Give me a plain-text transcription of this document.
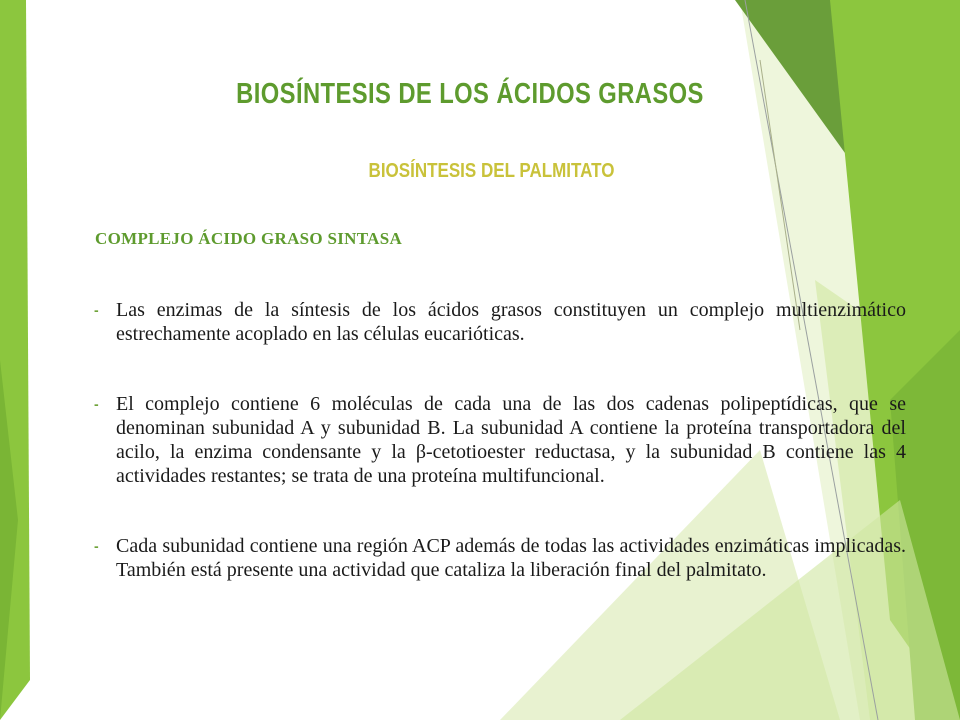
BIOSÍNTESIS DE LOS ÁCIDOS GRASOS
BIOSÍNTESIS DEL PALMITATO

COMPLEJO ÁCIDO GRASO SINTASA

- Las enzimas de la síntesis de los ácidos grasos constituyen un complejo multienzimático estrechamente acoplado en las células eucarióticas.
- El complejo contiene 6 moléculas de cada una de las dos cadenas polipeptídicas, que se denominan subunidad A y subunidad B. La subunidad A contiene la proteína transportadora del acilo, la enzima condensante y la β-cetotioester reductasa, y la subunidad B contiene las 4 actividades restantes; se trata de una proteína multifuncional.
- Cada subunidad contiene una región ACP además de todas las actividades enzimáticas implicadas. También está presente una actividad que cataliza la liberación final del palmitato.
